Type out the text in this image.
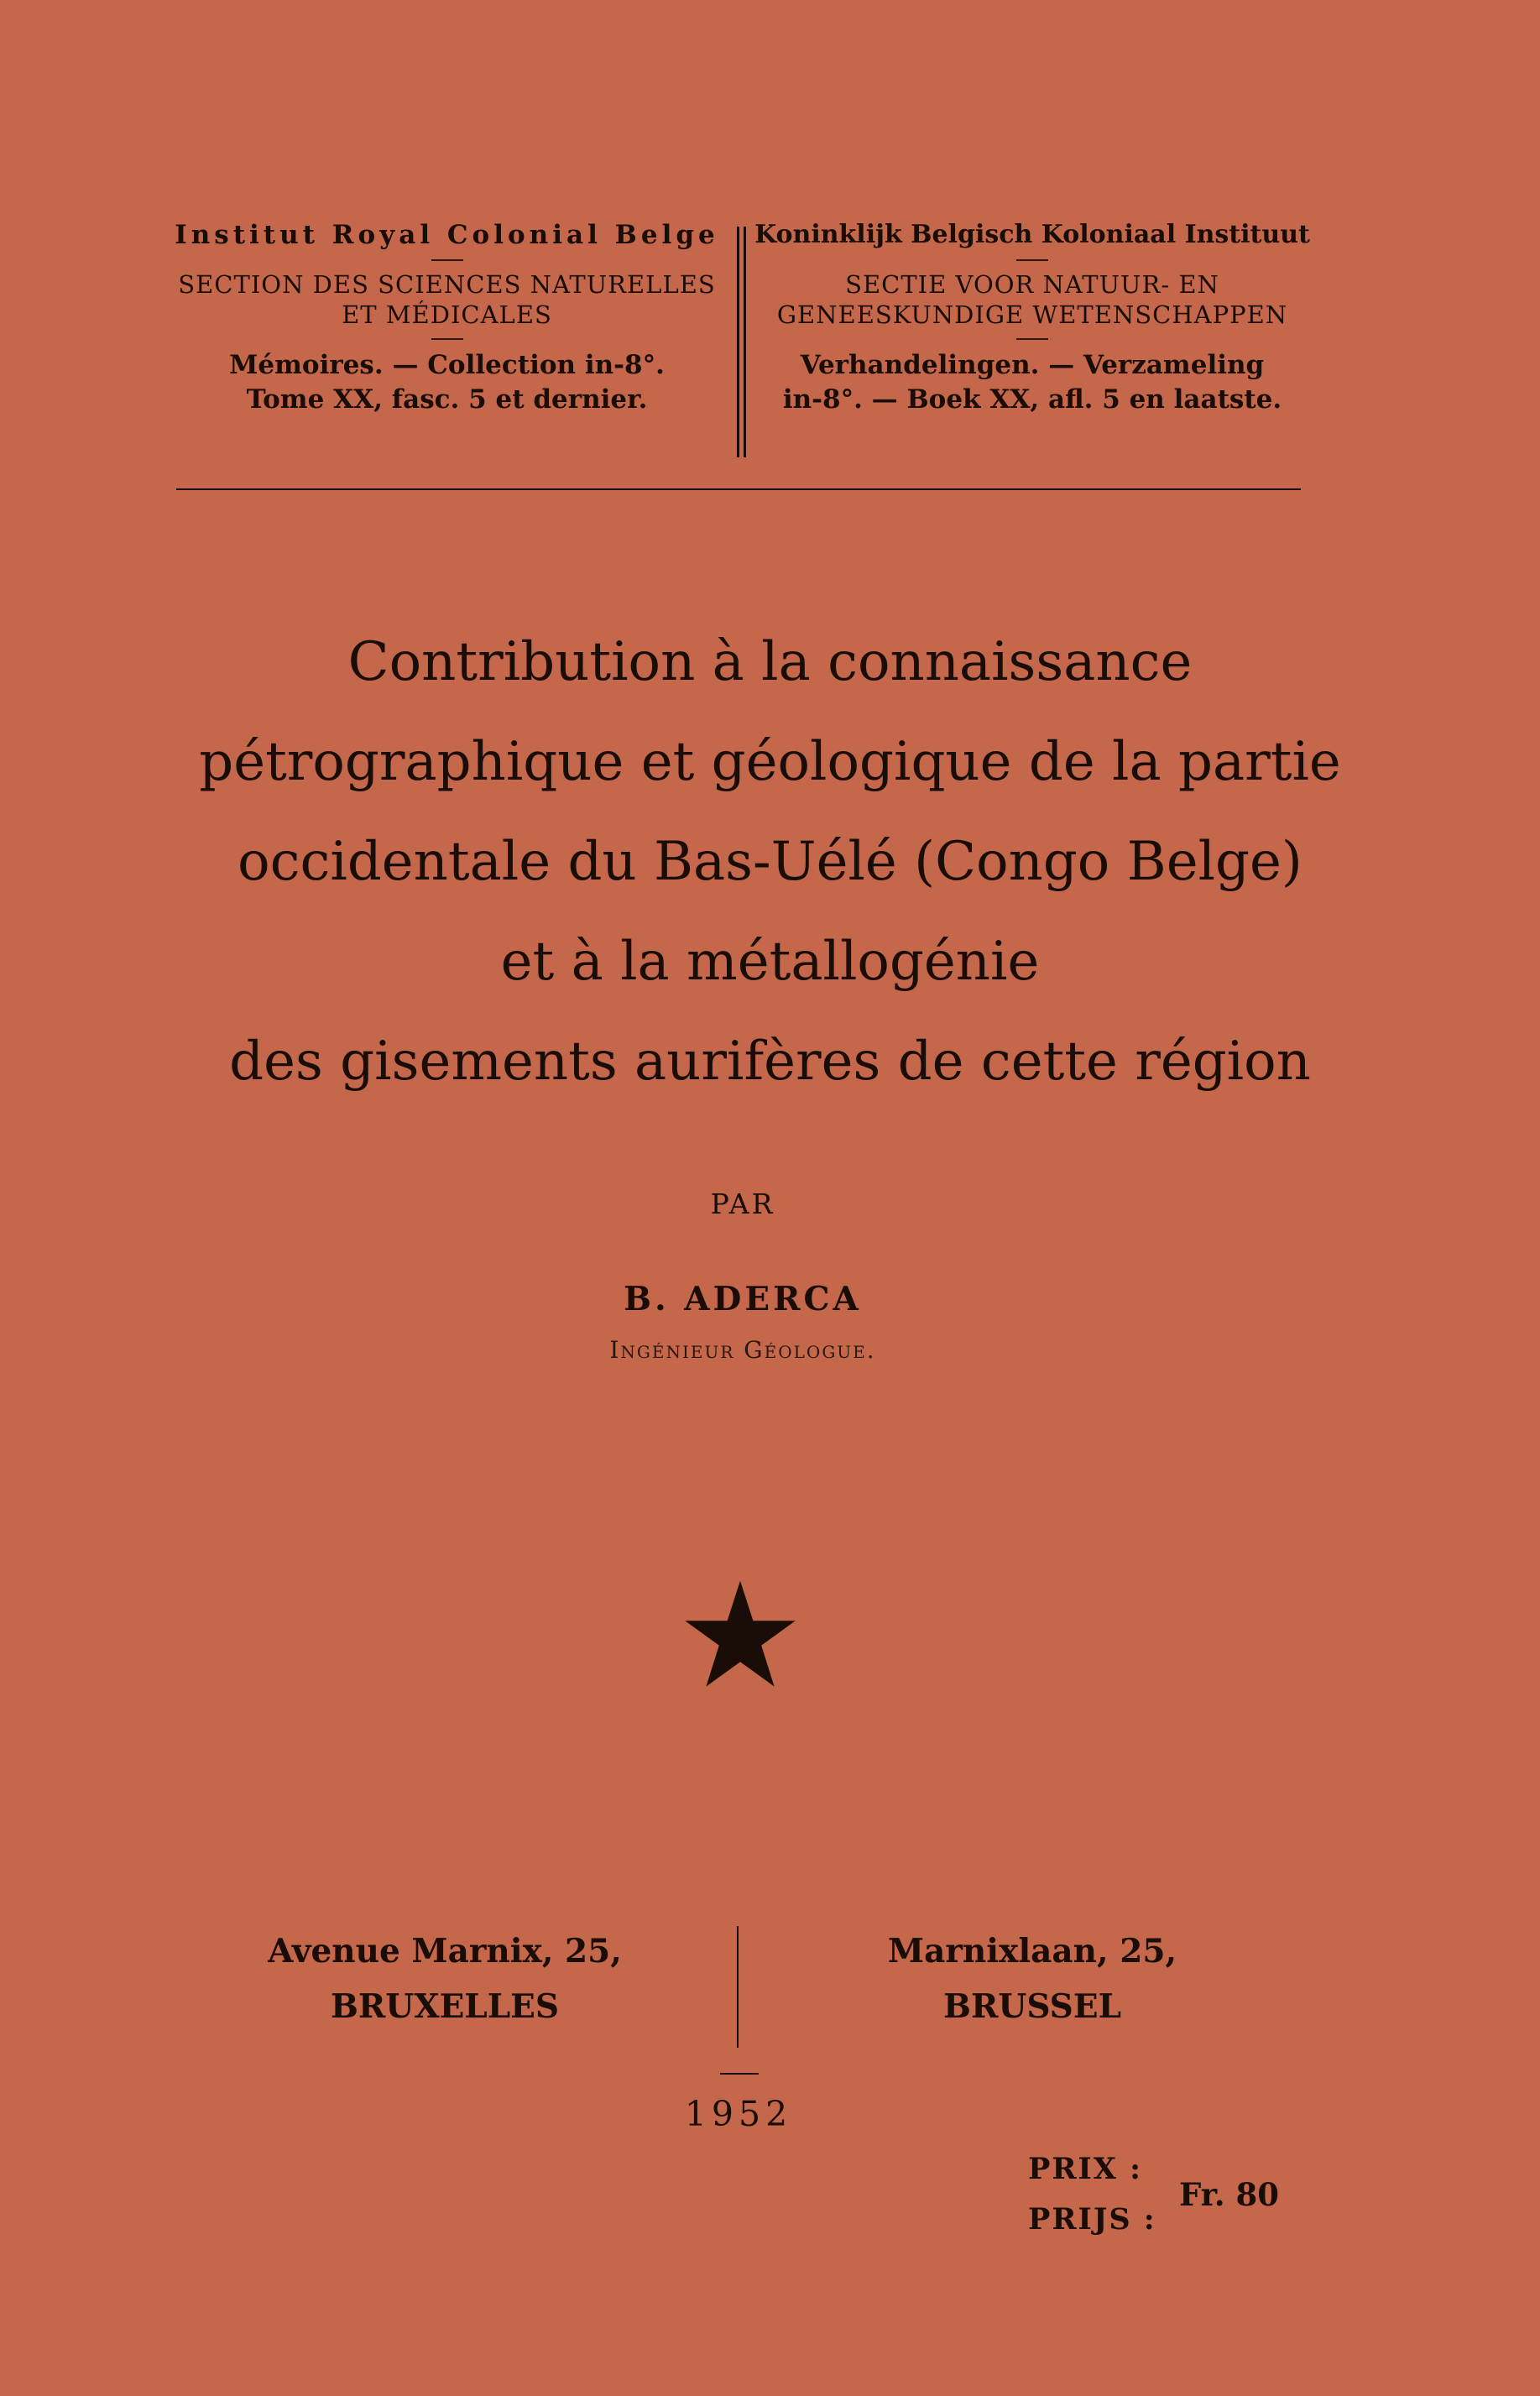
Institut Royal Colonial Belge
SECTION DES SCIENCES NATURELLES
ET MÉDICALES
Mémoires. — Collection in-8°.
Tome XX, fasc. 5 et dernier.
Koninklijk Belgisch Koloniaal Instituut
SECTIE VOOR NATUUR- EN
GENEESKUNDIGE WETENSCHAPPEN
Verhandelingen. — Verzameling
in-8°. — Boek XX, afl. 5 en laatste.
Contribution à la connaissance
pétrographique et géologique de la partie
occidentale du Bas-Uélé (Congo Belge)
et à la métallogénie
des gisements aurifères de cette région
PAR
B. ADERCA
Ingénieur Géologue.
Avenue Marnix, 25,
BRUXELLES
Marnixlaan, 25,
BRUSSEL
1952
PRIX :
PRIJS :
Fr. 80
